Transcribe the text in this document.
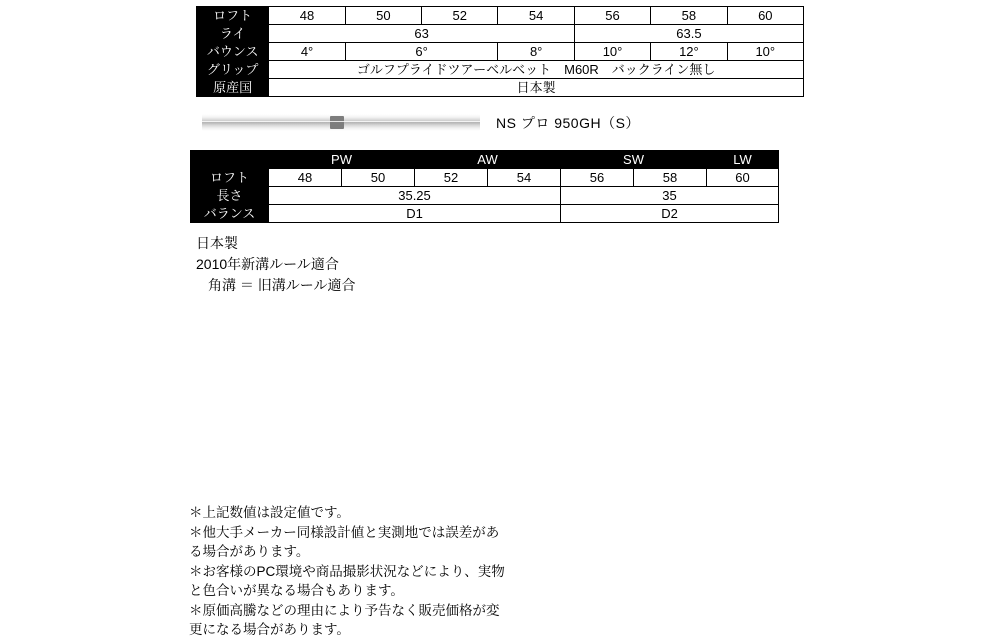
ロフト	48	50	52	54	56	58	60
ライ	63				63.5		
バウンス	4°	6°		8°	10°	12°	10°
グリップ	ゴルフプライドツアーベルベット　M60R　バックライン無し						
原産国	日本製						
NS プロ 950GH（S）
	PW		AW		SW		LW
ロフト	48	50	52	54	56	58	60
長さ	35.25				35		
バランス	D1				D2		
日本製
2010年新溝ルール適合
角溝 ＝ 旧溝ルール適合

＊上記数値は設定値です。

＊他大手メーカー同様設計値と実測地では誤差がある場合があります。

＊お客様のPC環境や商品撮影状況などにより、実物と色合いが異なる場合もあります。

＊原価高騰などの理由により予告なく販売価格が変更になる場合があります。
